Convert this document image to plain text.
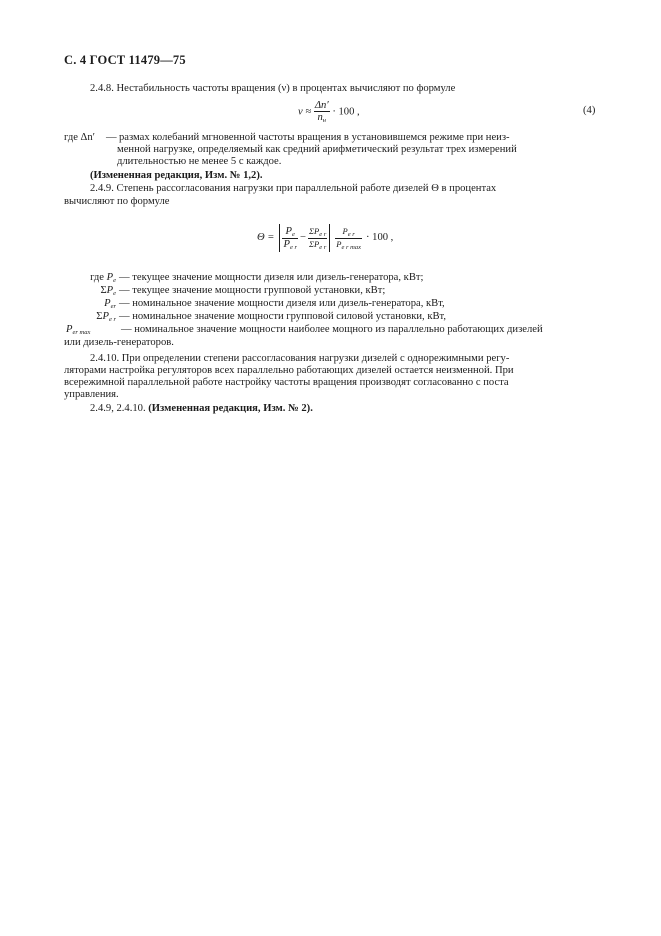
С. 4 ГОСТ 11479—75
2.4.8. Нестабильность частоты вращения (ν) в процентах вычисляют по формуле
$\nu \approx \frac{\Delta n'}{nн} \cdot 100$ ,	(4)
где Δn′	— размах колебаний мгновенной частоты вращения в установившемся режиме при неиз-
менной нагрузке, определяемый как средний арифметический результат трех измерений
длительностью не менее 5 с каждое.
(Измененная редакция, Изм. № 1,2).
2.4.9. Степень рассогласования нагрузки при параллельной работе дизелей Θ в процентах
вычисляют по формуле
$\Theta = \frac{Pe}{\text{Pe r}} - \frac{\Sigma P_{e r}}{\Sigma P_{e r}} \frac{P_{e r}}{P_{e r max}} \cdot 100$ ,
где Pe — текущее значение мощности дизеля или дизель-генератора, кВт;
ΣPe — текущее значение мощности групповой установки, кВт;
Per — номинальное значение мощности дизеля или дизель-генератора, кВт,
ΣPe r — номинальное значение мощности групповой силовой установки, кВт,
Per max	— номинальное значение мощности наиболее мощного из параллельно работающих дизелей
или дизель-генераторов.
2.4.10. При определении степени рассогласования нагрузки дизелей с однорежимными регу-
ляторами настройка регуляторов всех параллельно работающих дизелей остается неизменной. При
всережимной параллельной работе настройку частоты вращения производят согласованно с поста
управления.
2.4.9, 2.4.10. (Измененная редакция, Изм. № 2).
